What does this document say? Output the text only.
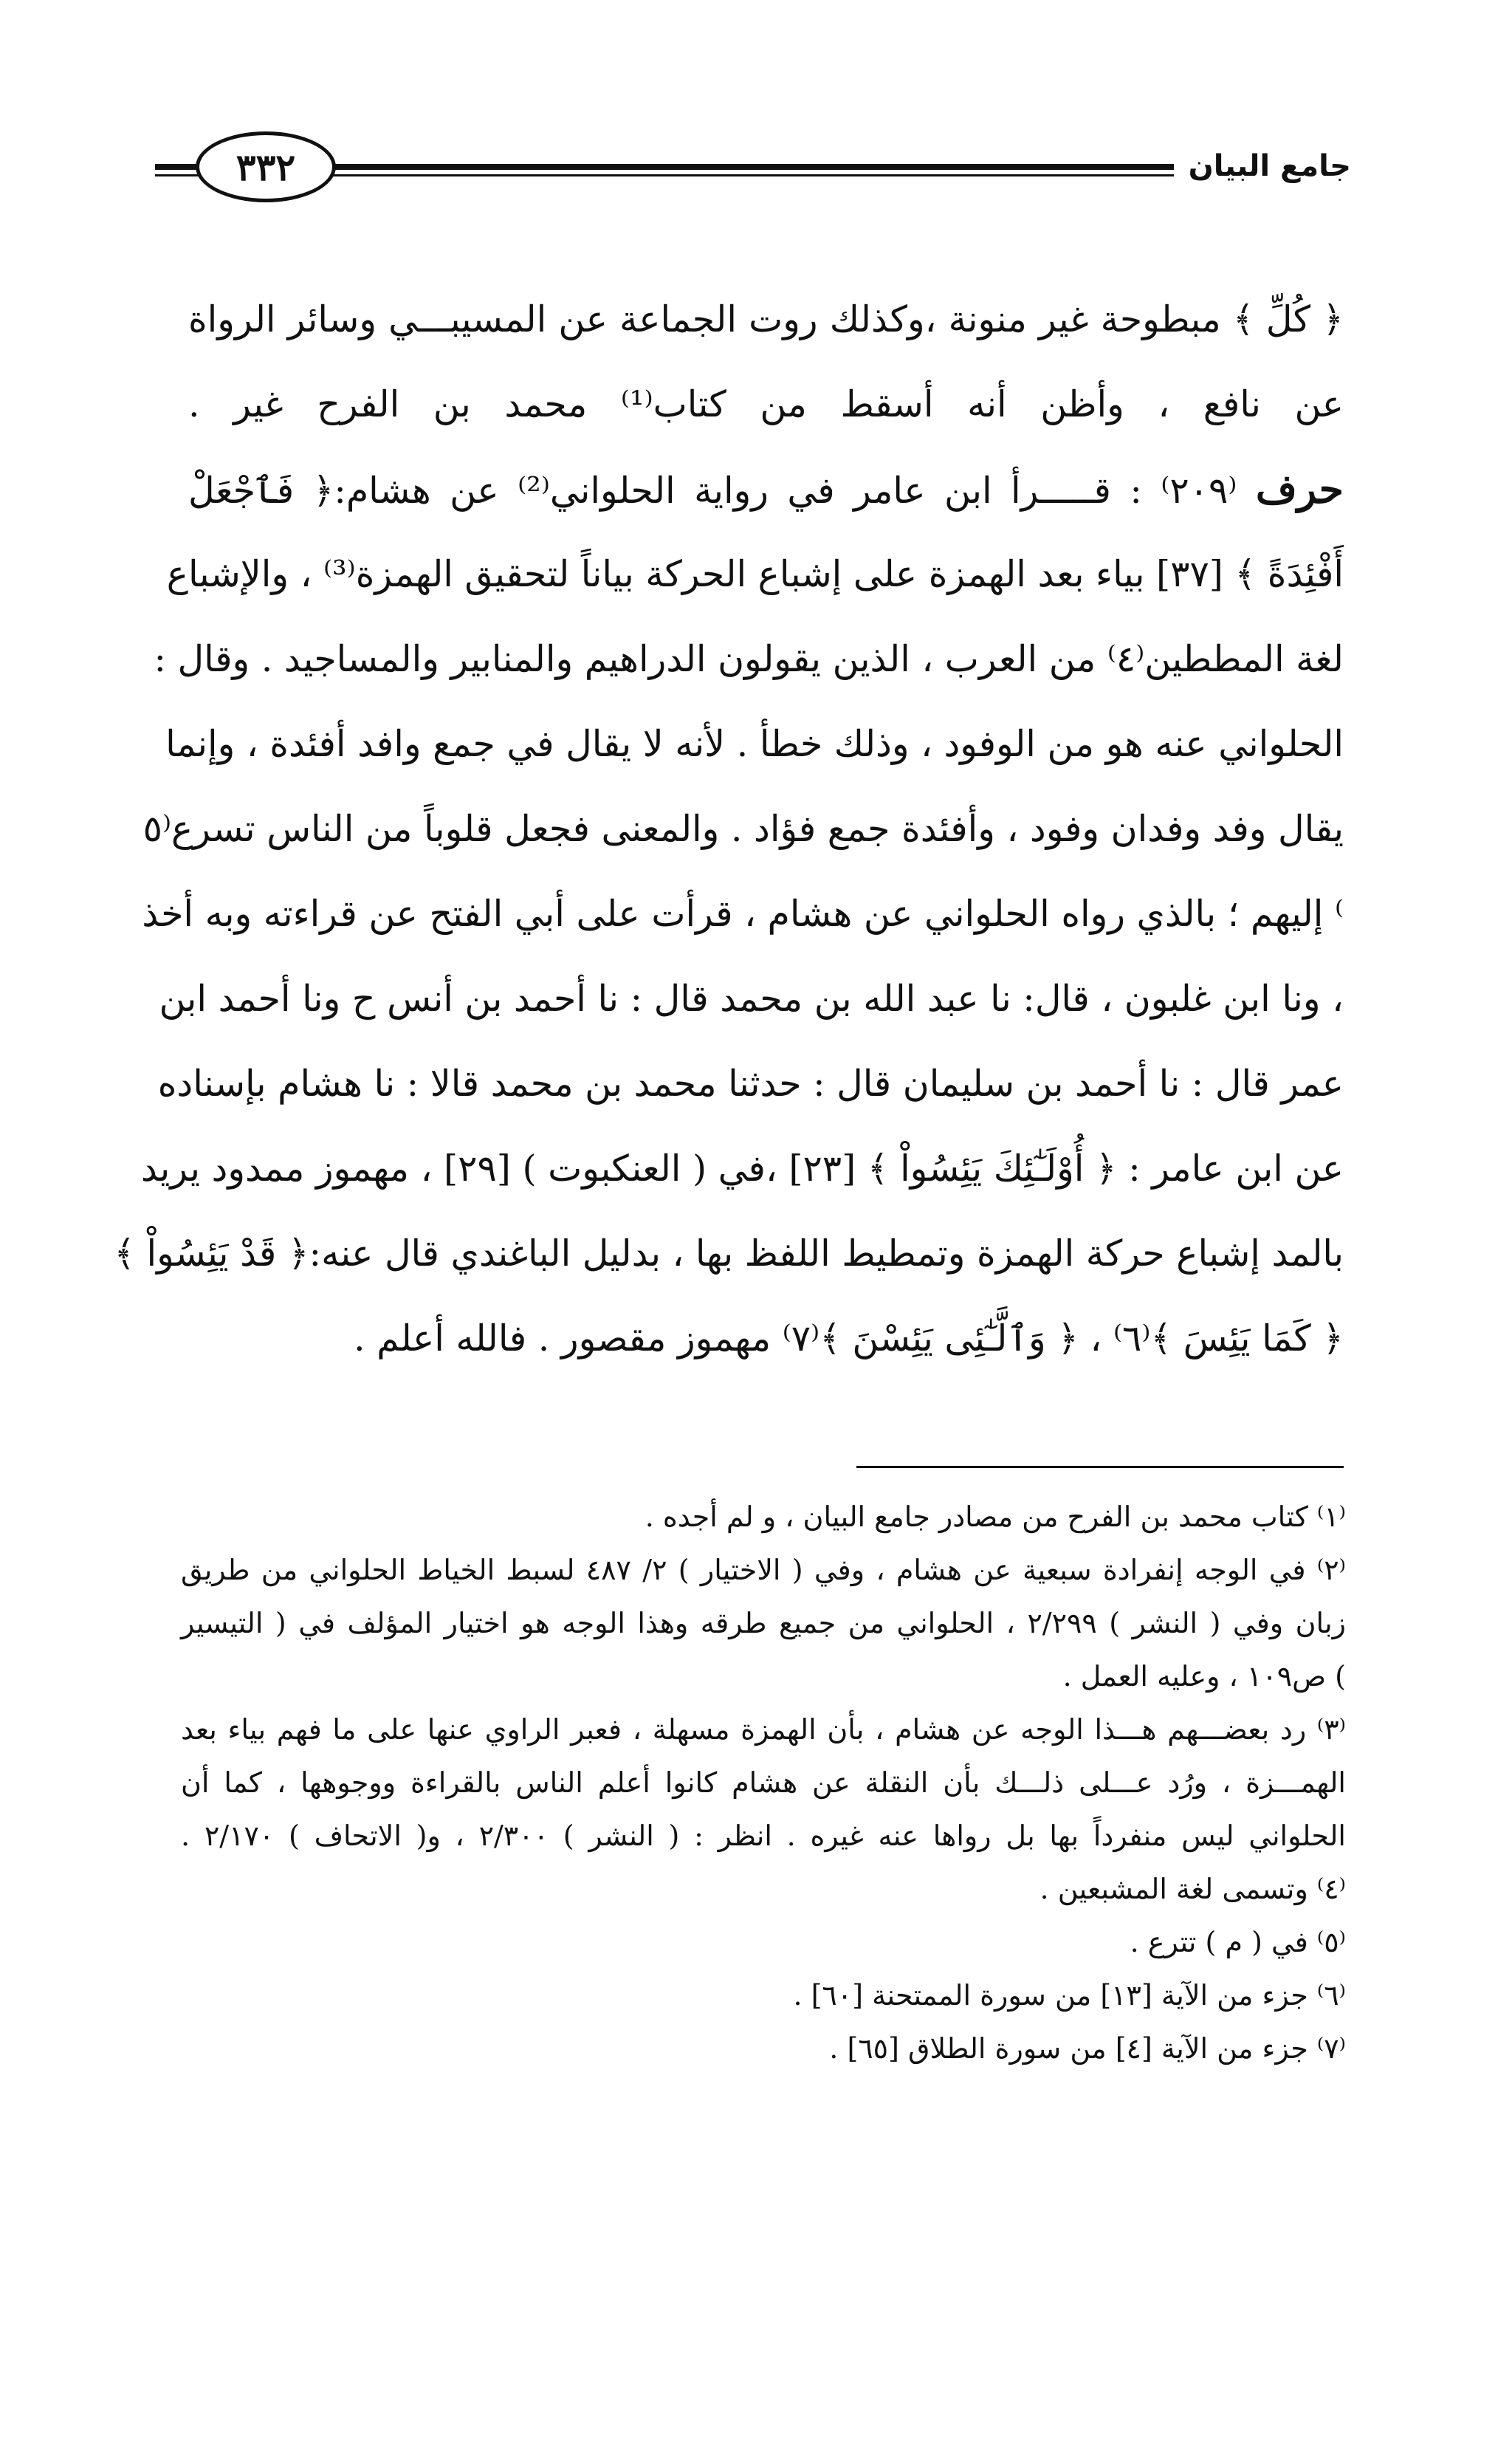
جامع البيان
٣٣٢
﴿ كُلِّ ﴾ مبطوحة غير منونة ،وكذلك روت الجماعة عن المسيبـــي وسائر الرواة
عن نافع ، وأظن أنه أسقط من كتاب⁽¹⁾ محمد بن الفرح غير .
حرف ⁽٢٠٩⁾ : قـــــرأ ابن عامر في رواية الحلواني⁽²⁾ عن هشام:﴿ فَٱجْعَلْ
أَفْئِدَةً ﴾ [٣٧] بياء بعد الهمزة على إشباع الحركة بياناً لتحقيق الهمزة⁽³⁾ ، والإشباع
لغة المططين⁽٤⁾ من العرب ، الذين يقولون الدراهيم والمنابير والمساجيد . وقال :
الحلواني عنه هو من الوفود ، وذلك خطأ . لأنه لا يقال في جمع وافد أفئدة ، وإنما
يقال وفد وفدان وفود ، وأفئدة جمع فؤاد . والمعنى فجعل قلوباً من الناس تسرع⁽٥
⁾ إليهم ؛ بالذي رواه الحلواني عن هشام ، قرأت على أبي الفتح عن قراءته وبه أخذ
، ونا ابن غلبون ، قال: نا عبد الله بن محمد قال : نا أحمد بن أنس ح ونا أحمد ابن
عمر قال : نا أحمد بن سليمان قال : حدثنا محمد بن محمد قالا : نا هشام بإسناده
عن ابن عامر : ﴿ أُوْلَـٰٓئِكَ يَئِسُواْ ﴾ [٢٣] ،في ( العنكبوت ) [٢٩] ، مهموز ممدود يريد
بالمد إشباع حركة الهمزة وتمطيط اللفظ بها ، بدليل الباغندي قال عنه:﴿ قَدْ يَئِسُواْ ﴾
﴿ كَمَا يَئِسَ ﴾⁽٦⁾ ، ﴿ وَٱلَّـٰٓئِى يَئِسْنَ ﴾⁽٧⁾ مهموز مقصور . فالله أعلم .
⁽١⁾ كتاب محمد بن الفرح من مصادر جامع البيان ، و لم أجده .
⁽٢⁾ في الوجه إنفرادة سبعية عن هشام ، وفي ( الاختيار ) ٢/ ٤٨٧ لسبط الخياط الحلواني من طريق
زبان وفي ( النشر ) ٢/٢٩٩ ، الحلواني من جميع طرقه وهذا الوجه هو اختيار المؤلف في ( التيسير
) ص١٠٩ ، وعليه العمل .
⁽٣⁾ رد بعضـــهم هـــذا الوجه عن هشام ، بأن الهمزة مسهلة ، فعبر الراوي عنها على ما فهم بياء بعد
الهمـــزة ، ورُد عـــلى ذلـــك بأن النقلة عن هشام كانوا أعلم الناس بالقراءة ووجوهها ، كما أن
الحلواني ليس منفرداً بها بل رواها عنه غيره . انظر : ( النشر ) ٢/٣٠٠ ، و( الاتحاف ) ٢/١٧٠ .
⁽٤⁾ وتسمى لغة المشبعين .
⁽٥⁾ في ( م ) تترع .
⁽٦⁾ جزء من الآية [١٣] من سورة الممتحنة [٦٠] .
⁽٧⁾ جزء من الآية [٤] من سورة الطلاق [٦٥] .
